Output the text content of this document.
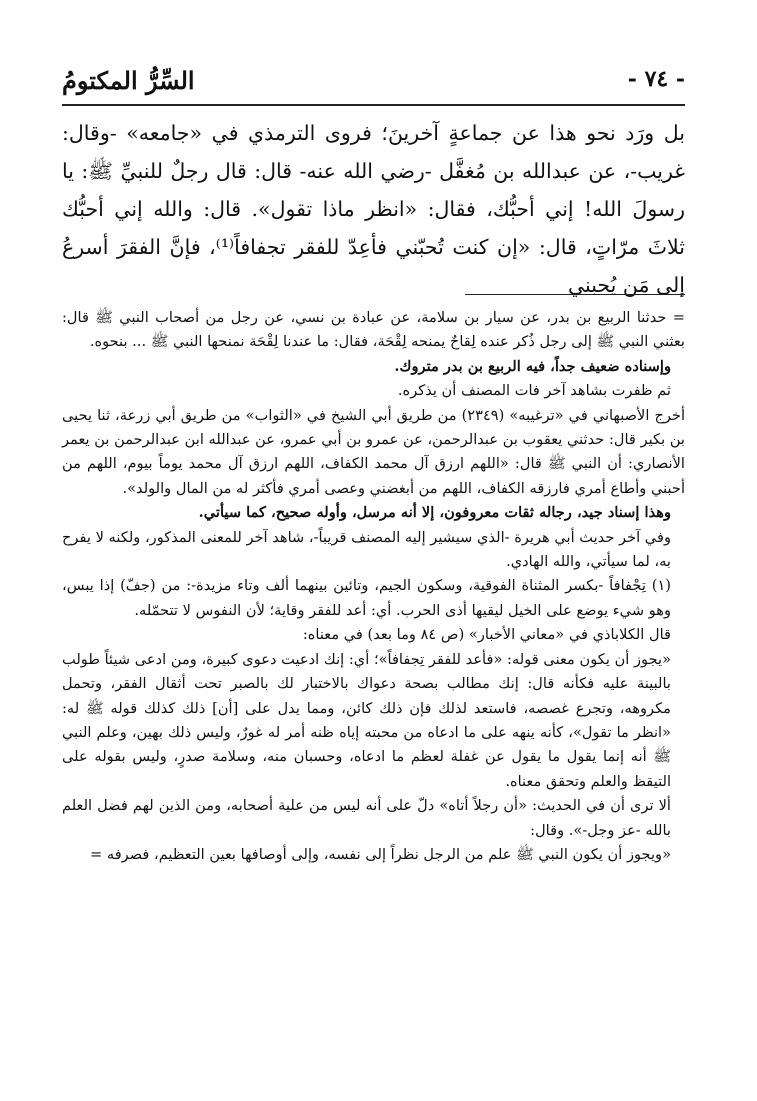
- ٧٤ -
السِّرُّ المكتومُ

بل ورَد نحو هذا عن جماعةٍ آخرينَ؛ فروى الترمذي في «جامعه» -وقال: غريب-، عن عبدالله بن مُغفَّل -رضي الله عنه- قال: قال رجلٌ للنبيِّ ﷺ: يا رسولَ الله! إني أحبُّك، فقال: «انظر ماذا تقول». قال: والله إني أحبُّك ثلاثَ مرّاتٍ، قال: «إن كنت تُحبّني فأعِدّ للفقر تجفافاً⁽¹⁾، فإنَّ الفقرَ أسرعُ إلى مَن يُحبني

= حدثنا الربيع بن بدر، عن سيار بن سلامة، عن عبادة بن نسي، عن رجل من أصحاب النبي ﷺ قال: بعثني النبي ﷺ إلى رجل ذُكر عنده لِقاحٌ يمنحه لِقْحَة، فقال: ما عندنا لِقْحَة نمنحها النبي ﷺ ... بنحوه.

وإسناده ضعيف جداً، فيه الربيع بن بدر متروك.

ثم ظفرت بشاهد آخر فات المصنف أن يذكره.

أخرج الأصبهاني في «ترغيبه» (٢٣٤٩) من طريق أبي الشيخ في «الثواب» من طريق أبي زرعة، ثنا يحيى بن بكير قال: حدثني يعقوب بن عبدالرحمن، عن عمرو بن أبي عمرو، عن عبدالله ابن عبدالرحمن بن يعمر الأنصاري: أن النبي ﷺ قال: «اللهم ارزق آل محمد الكفاف، اللهم ارزق آل محمد يوماً بيوم، اللهم من أحبني وأطاع أمري فارزقه الكفاف، اللهم من أبغضني وعصى أمري فأكثر له من المال والولد».

وهذا إسناد جيد، رجاله ثقات معروفون، إلا أنه مرسل، وأوله صحيح، كما سيأتي.

وفي آخر حديث أبي هريرة -الذي سيشير إليه المصنف قريباً-، شاهد آخر للمعنى المذكور، ولكنه لا يفرح به، لما سيأتي، والله الهادي.

(١) تِجْفافاً -بكسر المثناة الفوقية، وسكون الجيم، وتائين بينهما ألف وتاء مزيدة-: من (جفّ) إذا يبس، وهو شيء يوضع على الخيل ليقيها أذى الحرب. أي: أعد للفقر وقاية؛ لأن النفوس لا تتحمّله.

قال الكلاباذي في «معاني الأخبار» (ص ٨٤ وما بعد) في معناه:

«يجوز أن يكون معنى قوله: «فأعد للفقر تِجفافاً»؛ أي: إنك ادعيت دعوى كبيرة، ومن ادعى شيئاً طولب بالبينة عليه فكأنه قال: إنك مطالب بصحة دعواك بالاختبار لك بالصبر تحت أثقال الفقر، وتحمل مكروهه، وتجرع غصصه، فاستعد لذلك فإن ذلك كائن، ومما يدل على [أن] ذلك كذلك قوله ﷺ له: «انظر ما تقول»، كأنه ينهه على ما ادعاه من محبته إياه ظنه أمر له غورٌ، وليس ذلك بهين، وعلم النبي ﷺ أنه إنما يقول ما يقول عن غفلة لعظم ما ادعاه، وحسبان منه، وسلامة صدرٍ، وليس بقوله على التيقظ والعلم وتحقق معناه.

ألا ترى أن في الحديث: «أن رجلاً أتاه» دلّ على أنه ليس من علية أصحابه، ومن الذين لهم فضل العلم بالله -عز وجل-». وقال:

«ويجوز أن يكون النبي ﷺ علم من الرجل نظراً إلى نفسه، وإلى أوصافها بعين التعظيم، فصرفه =
